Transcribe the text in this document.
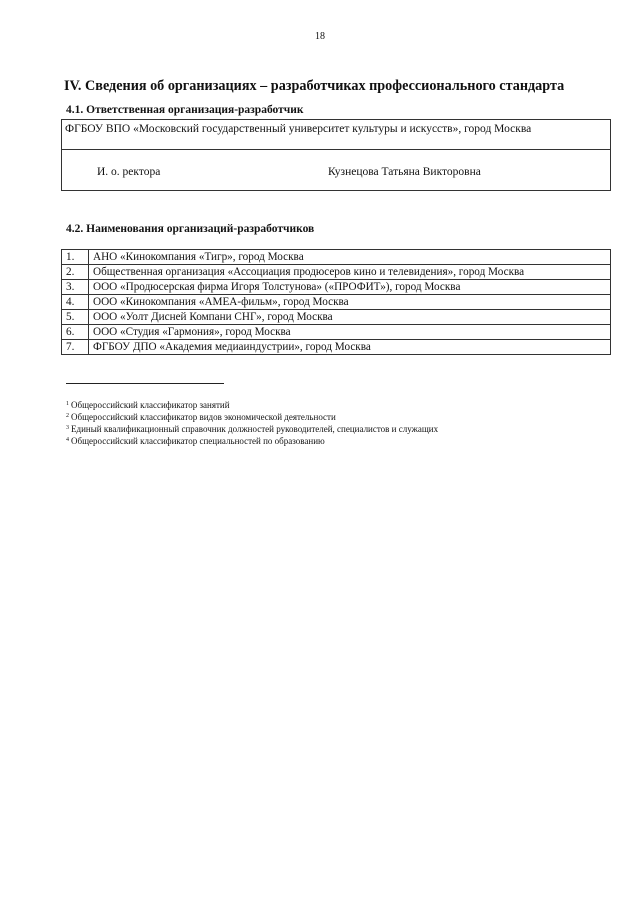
18
IV. Сведения об организациях – разработчиках профессионального стандарта
4.1. Ответственная организация-разработчик
ФГБОУ ВПО «Московский государственный университет культуры и искусств», город Москва
И. о. ректора	Кузнецова Татьяна Викторовна
4.2. Наименования организаций-разработчиков
1.	АНО «Кинокомпания «Тигр», город Москва
2.	Общественная организация «Ассоциация продюсеров кино и телевидения», город Москва
3.	ООО «Продюсерская фирма Игоря Толстунова» («ПРОФИТ»), город Москва
4.	ООО «Кинокомпания «АМЕА-фильм», город Москва
5.	ООО «Уолт Дисней Компани СНГ», город Москва
6.	ООО «Студия «Гармония», город Москва
7.	ФГБОУ ДПО «Академия медиаиндустрии», город Москва
$^1$ Общероссийский классификатор занятий
$^2$ Общероссийский классификатор видов экономической деятельности
$^3$ Единый квалификационный справочник должностей руководителей, специалистов и служащих
$^4$ Общероссийский классификатор специальностей по образованию
